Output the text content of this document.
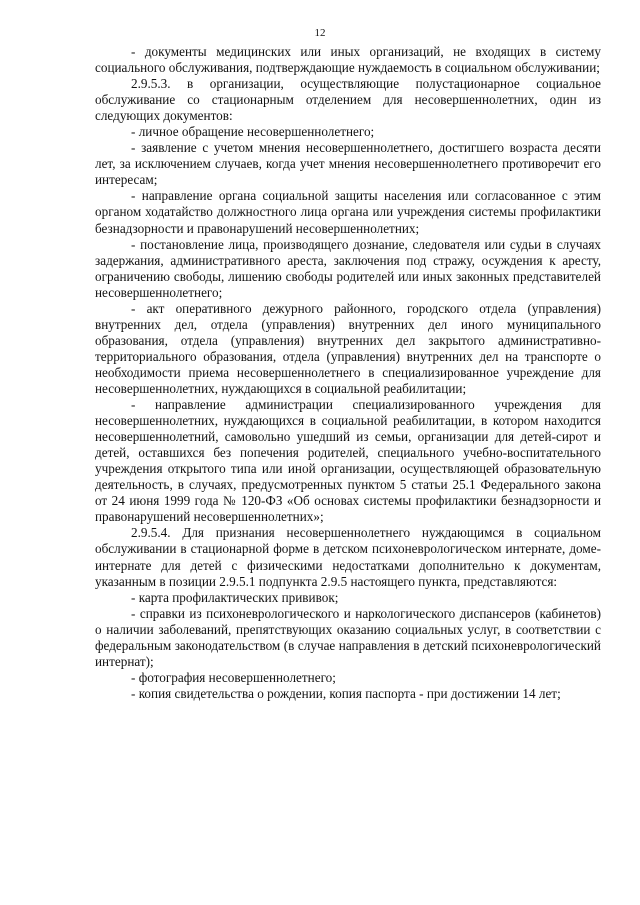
12

- документы медицинских или иных организаций, не входящих в систему социального обслуживания, подтверждающие нуждаемость в социальном обслуживании;

2.9.5.3. в организации, осуществляющие полустационарное социальное обслуживание со стационарным отделением для несовершеннолетних, один из следующих документов:

- личное обращение несовершеннолетнего;

- заявление с учетом мнения несовершеннолетнего, достигшего возраста десяти лет, за исключением случаев, когда учет мнения несовершеннолетнего противоречит его интересам;

- направление органа социальной защиты населения или согласованное с этим органом ходатайство должностного лица органа или учреждения системы профилактики безнадзорности и правонарушений несовершеннолетних;

- постановление лица, производящего дознание, следователя или судьи в случаях задержания, административного ареста, заключения под стражу, осуждения к аресту, ограничению свободы, лишению свободы родителей или иных законных представителей несовершеннолетнего;

- акт оперативного дежурного районного, городского отдела (управления) внутренних дел, отдела (управления) внутренних дел иного муниципального образования, отдела (управления) внутренних дел закрытого административно-территориального образования, отдела (управления) внутренних дел на транспорте о необходимости приема несовершеннолетнего в специализированное учреждение для несовершеннолетних, нуждающихся в социальной реабилитации;

- направление администрации специализированного учреждения для несовершеннолетних, нуждающихся в социальной реабилитации, в котором находится несовершеннолетний, самовольно ушедший из семьи, организации для детей-сирот и детей, оставшихся без попечения родителей, специального учебно-воспитательного учреждения открытого типа или иной организации, осуществляющей образовательную деятельность, в случаях, предусмотренных пунктом 5 статьи 25.1 Федерального закона от 24 июня 1999 года № 120-ФЗ «Об основах системы профилактики безнадзорности и правонарушений несовершеннолетних»;

2.9.5.4. Для признания несовершеннолетнего нуждающимся в социальном обслуживании в стационарной форме в детском психоневрологическом интернате, доме-интернате для детей с физическими недостатками дополнительно к документам, указанным в позиции 2.9.5.1 подпункта 2.9.5 настоящего пункта, представляются:

- карта профилактических прививок;

- справки из психоневрологического и наркологического диспансеров (кабинетов) о наличии заболеваний, препятствующих оказанию социальных услуг, в соответствии с федеральным законодательством (в случае направления в детский психоневрологический интернат);

- фотография несовершеннолетнего;

- копия свидетельства о рождении, копия паспорта - при достижении 14 лет;
